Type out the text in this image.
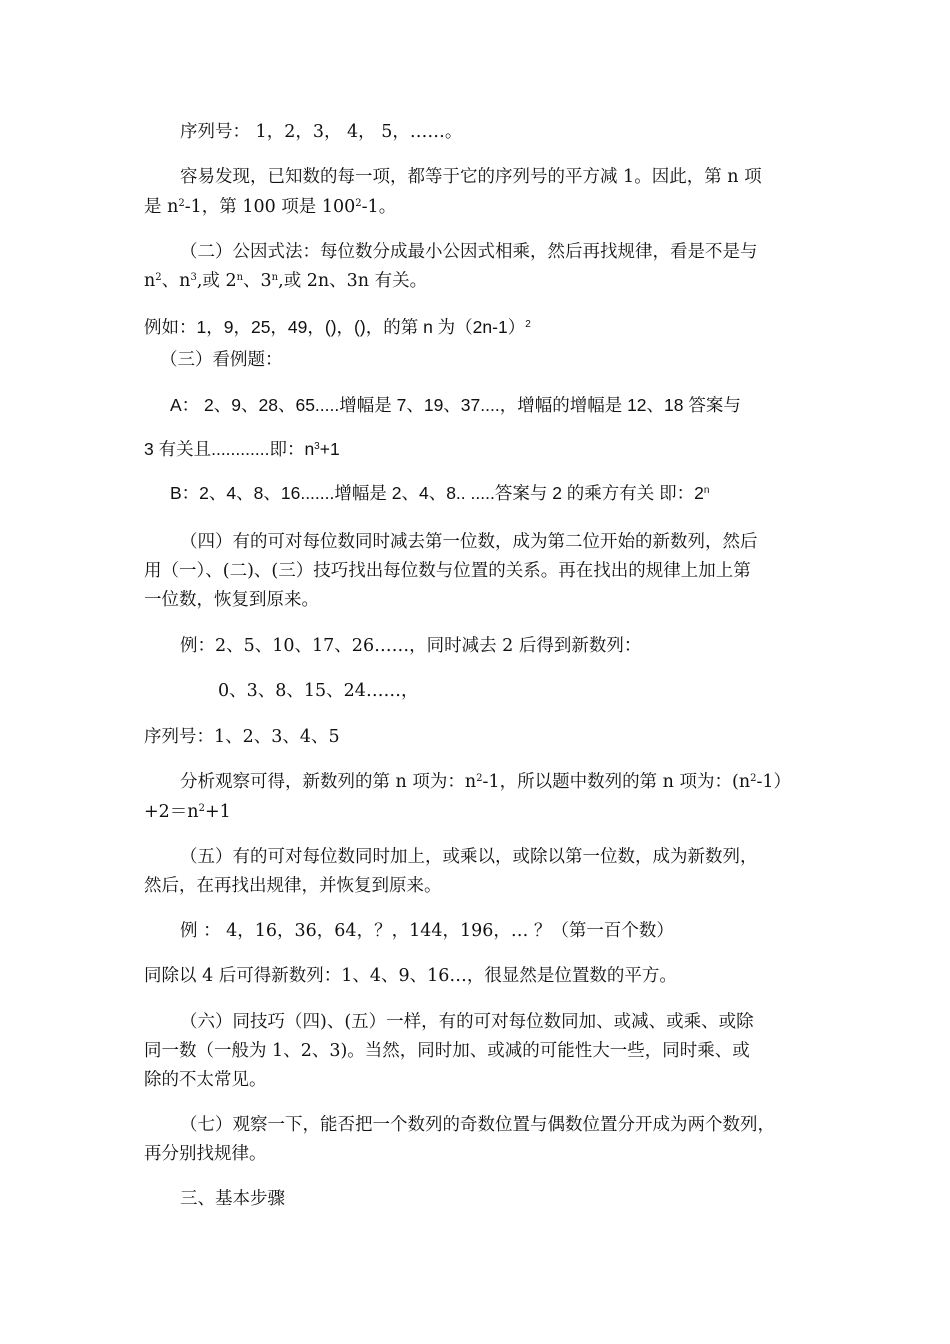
序列号： 1，2，3， 4， 5，……。
容易发现，已知数的每一项，都等于它的序列号的平方减 1。因此，第 n 项
是 $n^2-1$，第 100 项是 $100^2-1$。
（二）公因式法：每位数分成最小公因式相乘，然后再找规律，看是不是与
$n^2$、$n^3$,或 2$^n$、3$^n$,或 2n、3n 有关。
例如：1，9，25，49，()，()，的第 n 为$(2n-1)^2$
（三）看例题：
A： 2、9、28、65.....增幅是 7、19、37....，增幅的增幅是 12、18 答案与
3 有关且............即：$n^3+1$
B：2、4、8、16.......增幅是 2、4、8.. .....答案与 2 的乘方有关 即：2$^n$
（四）有的可对每位数同时减去第一位数，成为第二位开始的新数列，然后
用（一）、(二)、(三）技巧找出每位数与位置的关系。再在找出的规律上加上第
一位数，恢复到原来。
例：2、5、10、17、26……，同时减去 2 后得到新数列：
0、3、8、15、24……，
序列号：1、2、3、4、5
分析观察可得，新数列的第 n 项为：$n^2-1$，所以题中数列的第 n 项为：$(n^2-1)$
$+2=n^2+1$
（五）有的可对每位数同时加上，或乘以，或除以第一位数，成为新数列，
然后，在再找出规律，并恢复到原来。
例 ： 4，16，36，64，？，144，196，… ？（第一百个数）
同除以 4 后可得新数列：1、4、9、16…，很显然是位置数的平方。
（六）同技巧（四)、(五）一样，有的可对每位数同加、或减、或乘、或除
同一数（一般为 1、2、3)。当然，同时加、或减的可能性大一些，同时乘、或
除的不太常见。
（七）观察一下，能否把一个数列的奇数位置与偶数位置分开成为两个数列，
再分别找规律。
三、基本步骤
